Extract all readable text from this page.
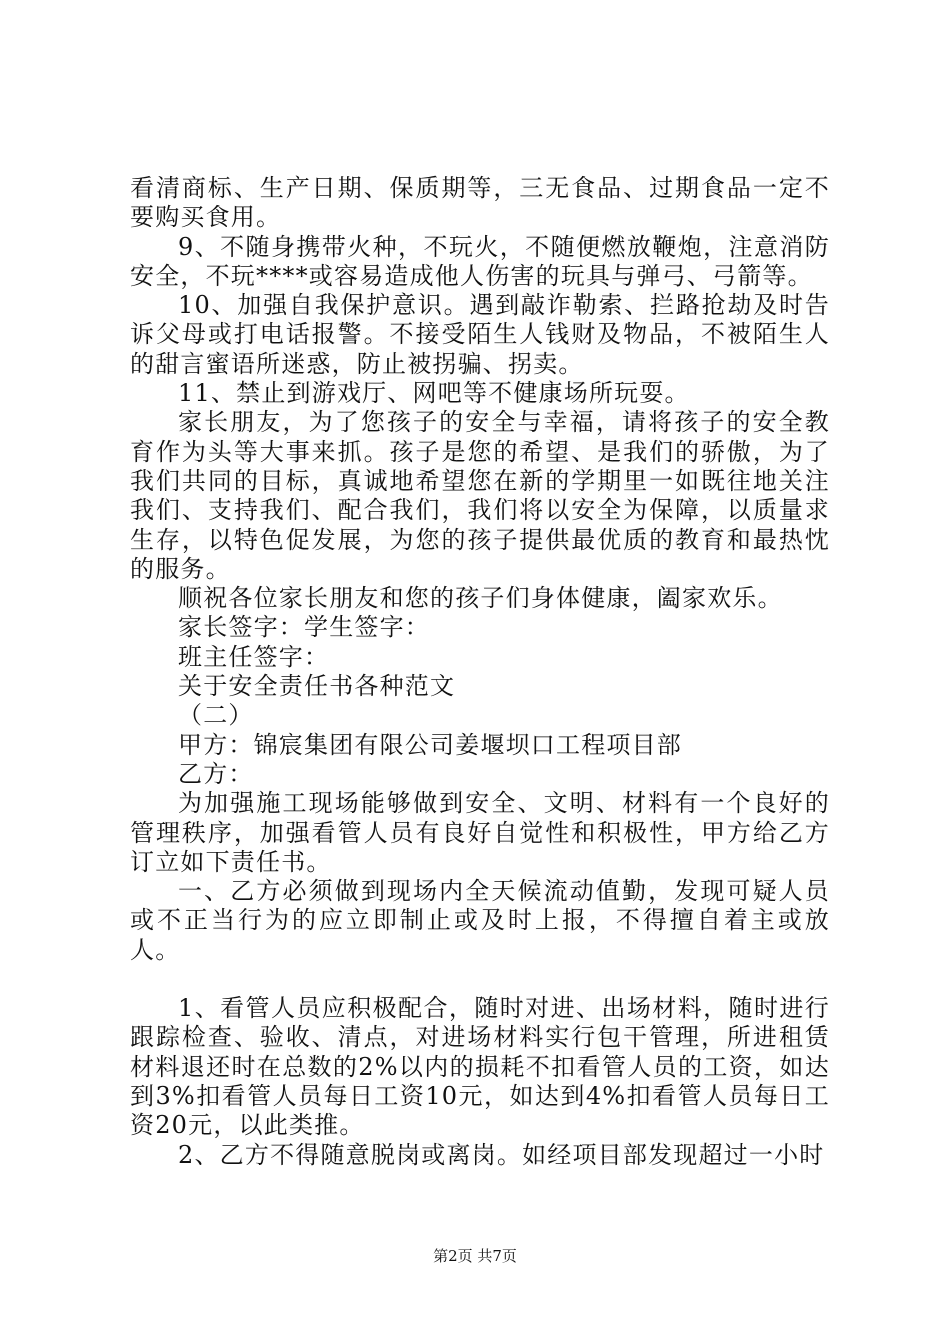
看清商标、生产日期、保质期等，三无食品、过期食品一定不要购买食用。

9、不随身携带火种，不玩火，不随便燃放鞭炮，注意消防安全，不玩****或容易造成他人伤害的玩具与弹弓、弓箭等。

10、加强自我保护意识。遇到敲诈勒索、拦路抢劫及时告诉父母或打电话报警。不接受陌生人钱财及物品，不被陌生人的甜言蜜语所迷惑，防止被拐骗、拐卖。

11、禁止到游戏厅、网吧等不健康场所玩耍。

家长朋友，为了您孩子的安全与幸福，请将孩子的安全教育作为头等大事来抓。孩子是您的希望、是我们的骄傲，为了我们共同的目标，真诚地希望您在新的学期里一如既往地关注我们、支持我们、配合我们，我们将以安全为保障，以质量求生存，以特色促发展，为您的孩子提供最优质的教育和最热忱的服务。

顺祝各位家长朋友和您的孩子们身体健康，阖家欢乐。

家长签字：学生签字：

班主任签字：

关于安全责任书各种范文

（二）

甲方：锦宸集团有限公司姜堰坝口工程项目部

乙方：

为加强施工现场能够做到安全、文明、材料有一个良好的管理秩序，加强看管人员有良好自觉性和积极性，甲方给乙方订立如下责任书。

一、乙方必须做到现场内全天候流动值勤，发现可疑人员或不正当行为的应立即制止或及时上报，不得擅自着主或放人。

1、看管人员应积极配合，随时对进、出场材料，随时进行跟踪检查、验收、清点，对进场材料实行包干管理，所进租赁材料退还时在总数的2%以内的损耗不扣看管人员的工资，如达到3%扣看管人员每日工资10元，如达到4%扣看管人员每日工资20元，以此类推。

2、乙方不得随意脱岗或离岗。如经项目部发现超过一小时

第2页 共7页
